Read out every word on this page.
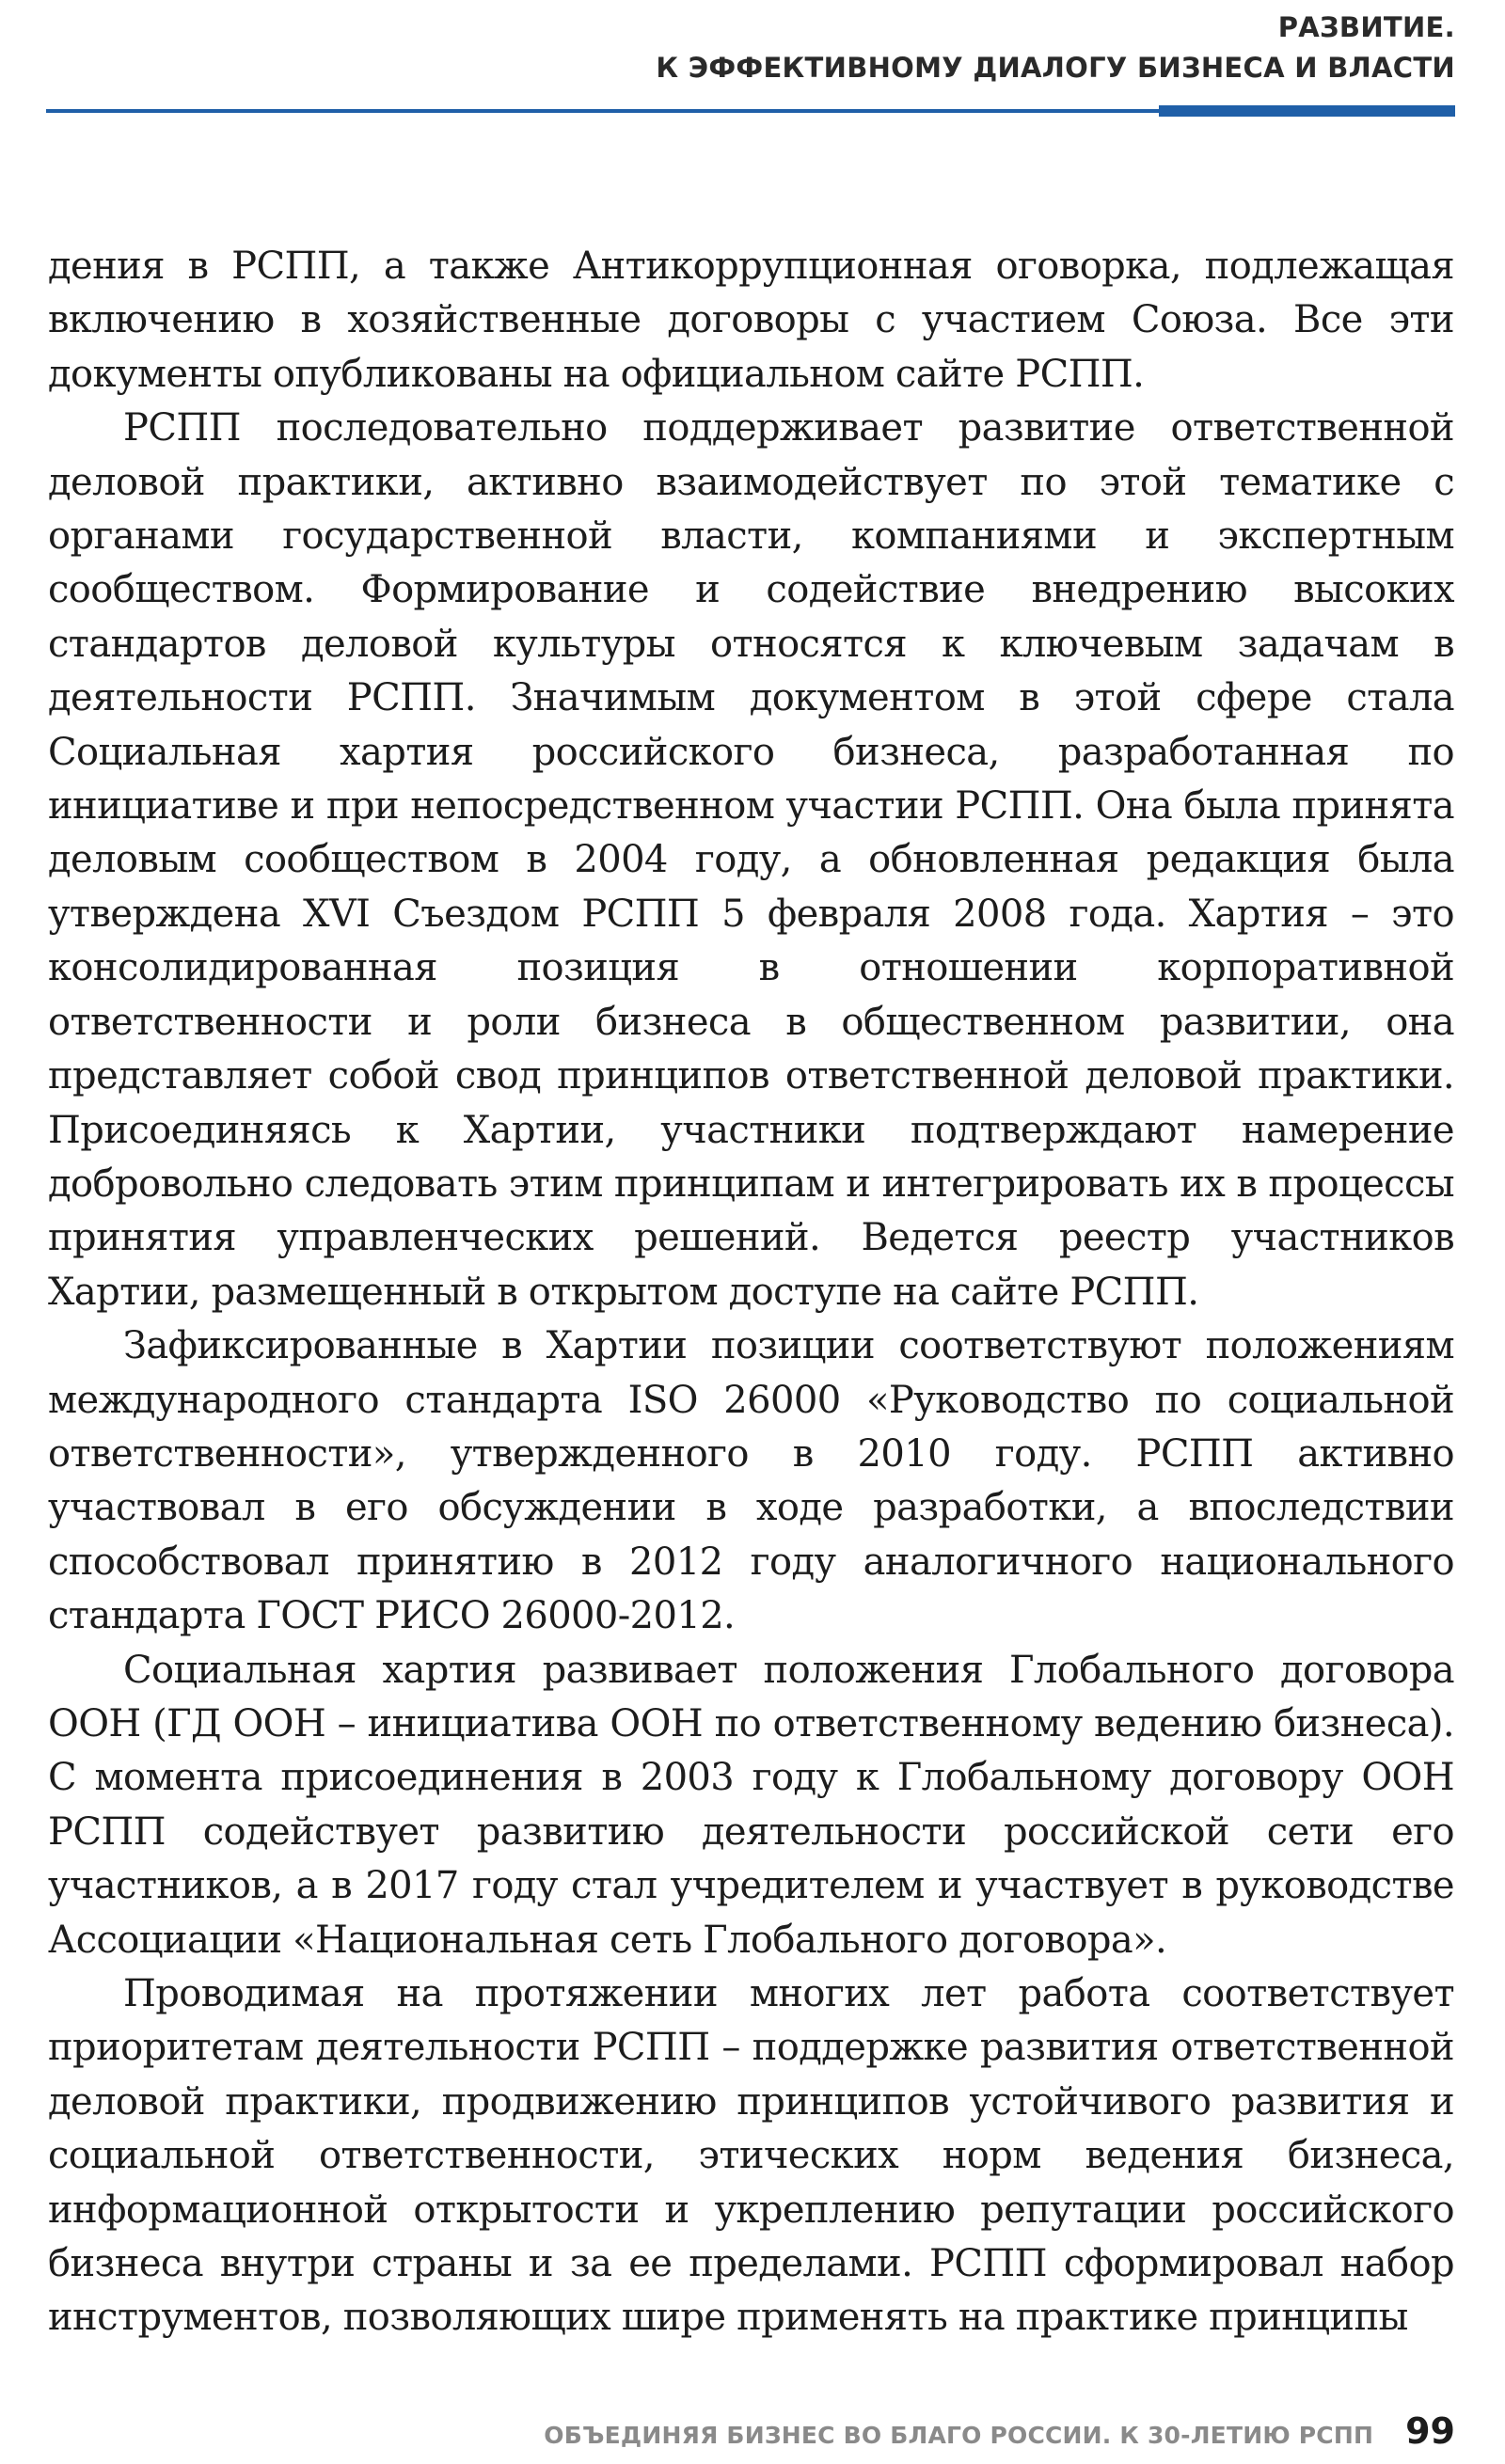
РАЗВИТИЕ.
К ЭФФЕКТИВНОМУ ДИАЛОГУ БИЗНЕСА И ВЛАСТИ

дения в РСПП, а также Антикоррупционная оговорка, подлежащая включению в хозяйственные договоры с участием Союза. Все эти документы опубликованы на официальном сайте РСПП.

РСПП последовательно поддерживает развитие ответственной деловой практики, активно взаимодействует по этой тематике с органами государственной власти, компаниями и экспертным сообществом. Формирование и содействие внедрению высоких стандартов деловой культуры относятся к ключевым задачам в деятельности РСПП. Значимым документом в этой сфере стала Социальная хартия российского бизнеса, разработанная по инициативе и при непосредственном участии РСПП. Она была принята деловым сообществом в 2004 году, а обновленная редакция была утверждена XVI Съездом РСПП 5 февраля 2008 года. Хартия – это консолидированная позиция в отношении корпоративной ответственности и роли бизнеса в общественном развитии, она представляет собой свод принципов ответственной деловой практики. Присоединяясь к Хартии, участники подтверждают намерение добровольно следовать этим принципам и интегрировать их в процессы принятия управленческих решений. Ведется реестр участников Хартии, размещенный в открытом доступе на сайте РСПП.

Зафиксированные в Хартии позиции соответствуют положениям международного стандарта ISO 26000 «Руководство по социальной ответственности», утвержденного в 2010 году. РСПП активно участвовал в его обсуждении в ходе разработки, а впоследствии способствовал принятию в 2012 году аналогичного национального стандарта ГОСТ РИСО 26000-2012.

Социальная хартия развивает положения Глобального договора ООН (ГД ООН – инициатива ООН по ответственному ведению бизнеса). С момента присоединения в 2003 году к Глобальному договору ООН РСПП содействует развитию деятельности российской сети его участников, а в 2017 году стал учредителем и участвует в руководстве Ассоциации «Национальная сеть Глобального договора».

Проводимая на протяжении многих лет работа соответствует приоритетам деятельности РСПП – поддержке развития ответственной деловой практики, продвижению принципов устойчивого развития и социальной ответственности, этических норм ведения бизнеса, информационной открытости и укреплению репутации российского бизнеса внутри страны и за ее пределами. РСПП сформировал набор инструментов, позволяющих шире применять на практике принципы

ОБЪЕДИНЯЯ БИЗНЕС ВО БЛАГО РОССИИ. К 30-ЛЕТИЮ РСПП 99
